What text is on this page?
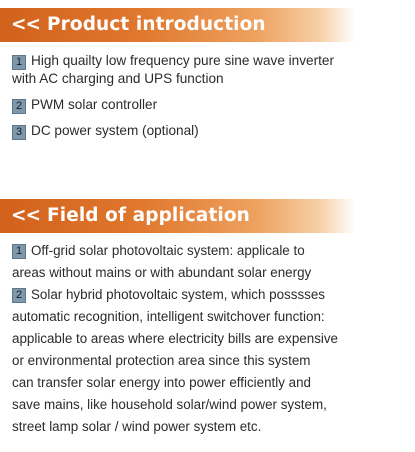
<< Product introduction
1 High quailty low frequency pure sine wave inverter
with AC charging and UPS function
2 PWM solar controller
3 DC power system (optional)
<< Field of application
1 Off-grid solar photovoltaic system: applicale to
areas without mains or with abundant solar energy
2 Solar hybrid photovoltaic system, which posssses
automatic recognition, intelligent switchover function:
applicable to areas where electricity bills are expensive
or environmental protection area since this system
can transfer solar energy into power efficiently and
save mains, like household solar/wind power system,
street lamp solar / wind power system etc.
